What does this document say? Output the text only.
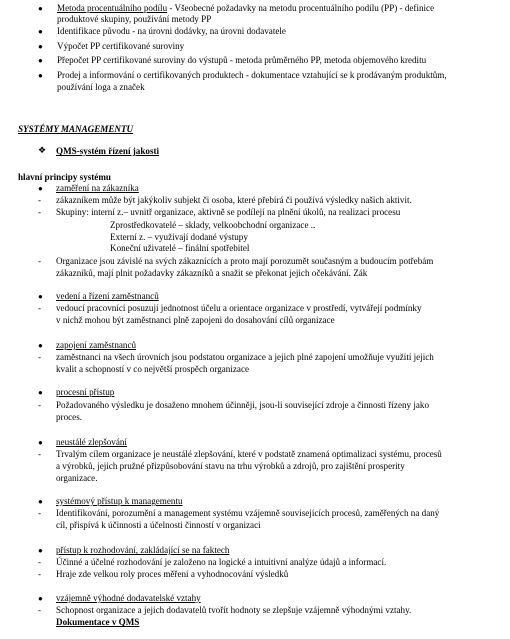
● Metoda procentuálního podílu - Všeobecné požadavky na metodu procentuálního podílu (PP) - definice
produktové skupiny, používání metody PP
● Identifikace původu - na úrovni dodávky, na úrovni dodavatele
● Výpočet PP certifikované suroviny
● Přepočet PP certifikované suroviny do výstupů - metoda průměrného PP, metoda objemového kreditu
● Prodej a informování o certifikovaných produktech - dokumentace vztahující se k prodávaným produktům,
používání loga a značek
SYSTÉMY MANAGEMENTU
❖ QMS-systém řízení jakosti
hlavní principy systému
● zaměření na zákazníka
- zákazníkem může být jakýkoliv subjekt či osoba, které přebírá či používá výsledky našich aktivit.
- Skupiny: interní z.– uvnitř organizace, aktivně se podílejí na plnění úkolů, na realizaci procesu
Zprostředkovatelé – sklady, velkoobchodní organizace ..
Externí z. – využívají dodané výstupy
Koneční uživatelé – finální spotřebitel
- Organizace jsou závislé na svých zákaznících a proto mají porozumět současným a budoucím potřebám
zákazníků, mají plnit požadavky zákazníků a snažit se překonat jejich očekávání. Zák
● vedení a řízení zaměstnanců
- vedoucí pracovníci posuzují jednotnost účelu a orientace organizace v prostředí, vytvářejí podmínky
v nichž mohou být zaměstnanci plně zapojeni do dosahování cílů organizace
● zapojení zaměstnanců
- zaměstnanci na všech úrovních jsou podstatou organizace a jejich plné zapojení umožňuje využití jejich
kvalit a schopností v co největší prospěch organizace
● procesní přístup
- Požadovaného výsledku je dosaženo mnohem účinněji, jsou-li související zdroje a činnosti řízeny jako
proces.
● neustálé zlepšování
- Trvalým cílem organizace je neustálé zlepšování, které v podstatě znamená optimalizaci systému, procesů
a výrobků, jejich pružné přizpůsobování stavu na trhu výrobků a zdrojů, pro zajištění prosperity
organizace.
● systémový přístup k managementu
- Identifikování, porozumění a management systému vzájemně souvisejících procesů, zaměřených na daný
cíl, přispívá k účinnosti a účelnosti činností v organizaci
● přístup k rozhodování, zakládající se na faktech
- Účinné a účelné rozhodování je založeno na logické a intuitivní analýze údajů a informací.
- Hraje zde velkou roly proces měření a vyhodnocování výsledků
● vzájemně výhodné dodavatelské vztahy
- Schopnost organizace a jejich dodavatelů tvořít hodnoty se zlepšuje vzájemně výhodnými vztahy.
Dokumentace v QMS
